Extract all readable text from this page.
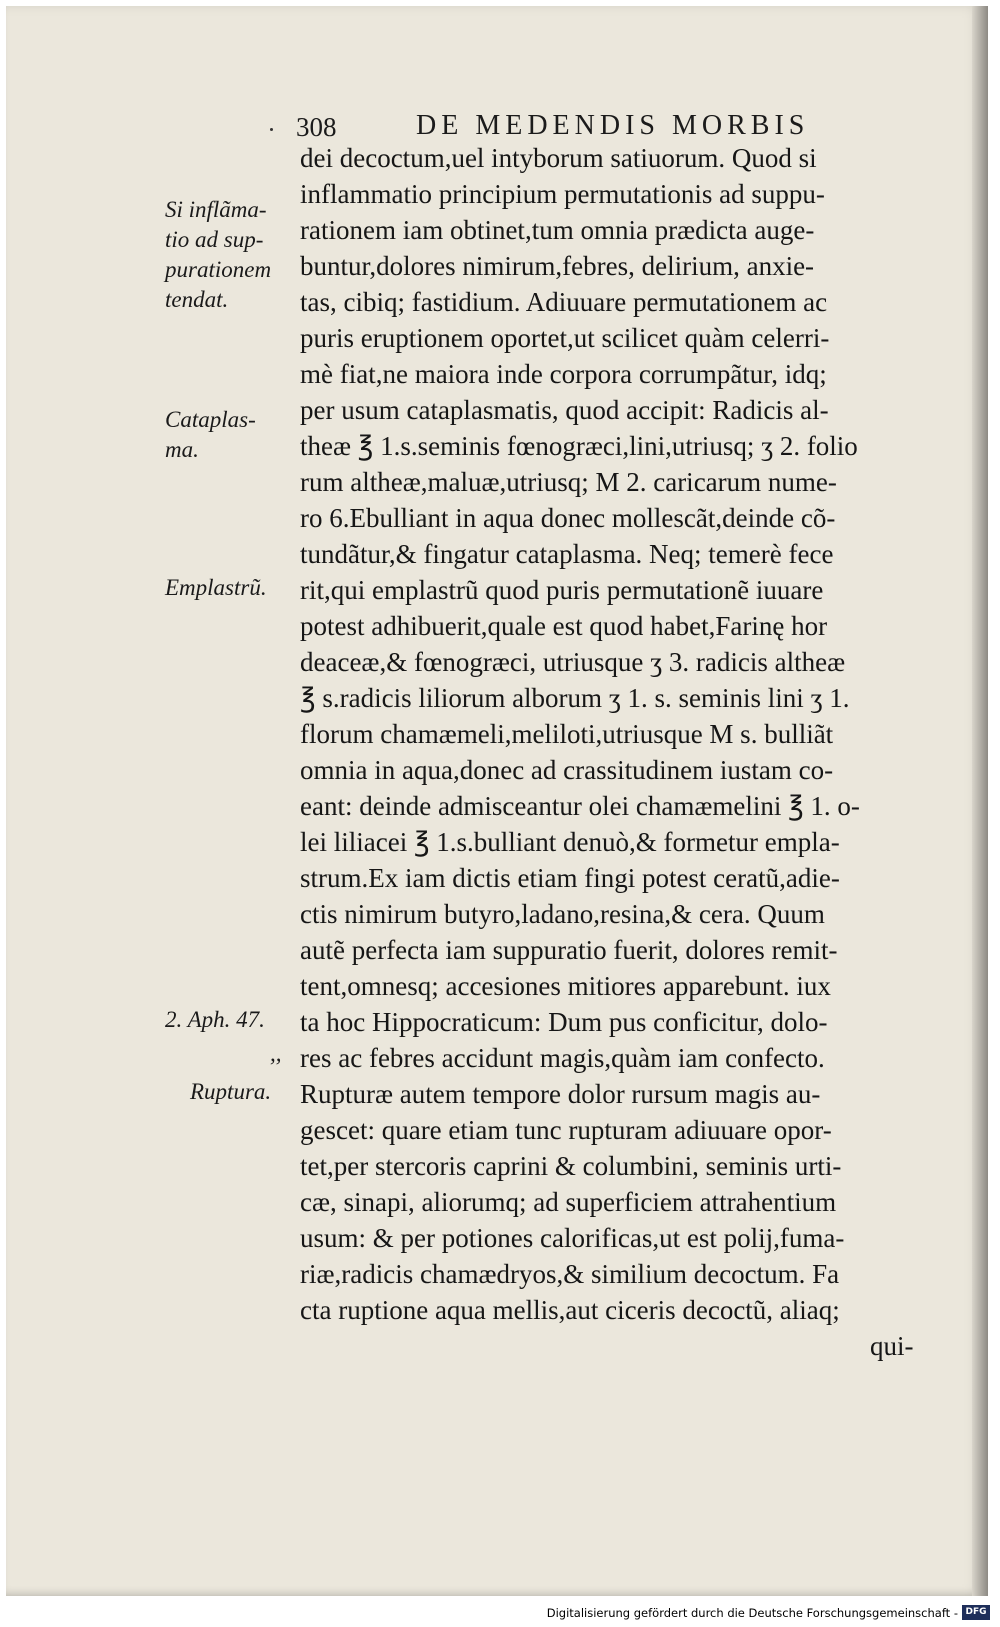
308	DE MEDENDIS MORBIS
dei decoctum,uel intyborum satiuorum. Quod si
inflammatio principium permutationis ad suppu-
rationem iam obtinet,tum omnia prædicta auge-
buntur,dolores nimirum,febres, delirium, anxie-
tas, cibiq; fastidium. Adiuuare permutationem ac
puris eruptionem oportet,ut scilicet quàm celerri-
mè fiat,ne maiora inde corpora corrumpãtur, idq;
per usum cataplasmatis, quod accipit: Radicis al-
theæ ℥ 1.s.seminis fœnogræci,lini,utriusq; ʒ 2. folio
rum altheæ,maluæ,utriusq; M 2. caricarum nume-
ro 6.Ebulliant in aqua donec mollescãt,deinde cõ-
tundãtur,& fingatur cataplasma. Neq; temerè fece
rit,qui emplastrũ quod puris permutationẽ iuuare
potest adhibuerit,quale est quod habet,Farinę hor
deaceæ,& fœnogræci, utriusque ʒ 3. radicis altheæ
℥ s.radicis liliorum alborum ʒ 1. s. seminis lini ʒ 1.
florum chamæmeli,meliloti,utriusque M s. bulliãt
omnia in aqua,donec ad crassitudinem iustam co-
eant: deinde admisceantur olei chamæmelini ℥ 1. o-
lei liliacei ℥ 1.s.bulliant denuò,& formetur empla-
strum.Ex iam dictis etiam fingi potest ceratũ,adie-
ctis nimirum butyro,ladano,resina,& cera. Quum
autẽ perfecta iam suppuratio fuerit, dolores remit-
tent,omnesq; accesiones mitiores apparebunt. iux
ta hoc Hippocraticum: Dum pus conficitur, dolo-
res ac febres accidunt magis,quàm iam confecto.
Rupturæ autem tempore dolor rursum magis au-
gescet: quare etiam tunc rupturam adiuuare opor-
tet,per stercoris caprini & columbini, seminis urti-
cæ, sinapi, aliorumq; ad superficiem attrahentium
usum: & per potiones calorificas,ut est polij,fuma-
riæ,radicis chamædryos,& similium decoctum. Fa
cta ruptione aqua mellis,aut ciceris decoctũ, aliaq;
qui-
Si inflãma-
tio ad sup-
purationem
tendat.
Cataplas-
ma.
Emplastrũ.
2. Aph. 47.
,,
Ruptura.
Digitalisierung gefördert durch die Deutsche Forschungsgemeinschaft - DFG
